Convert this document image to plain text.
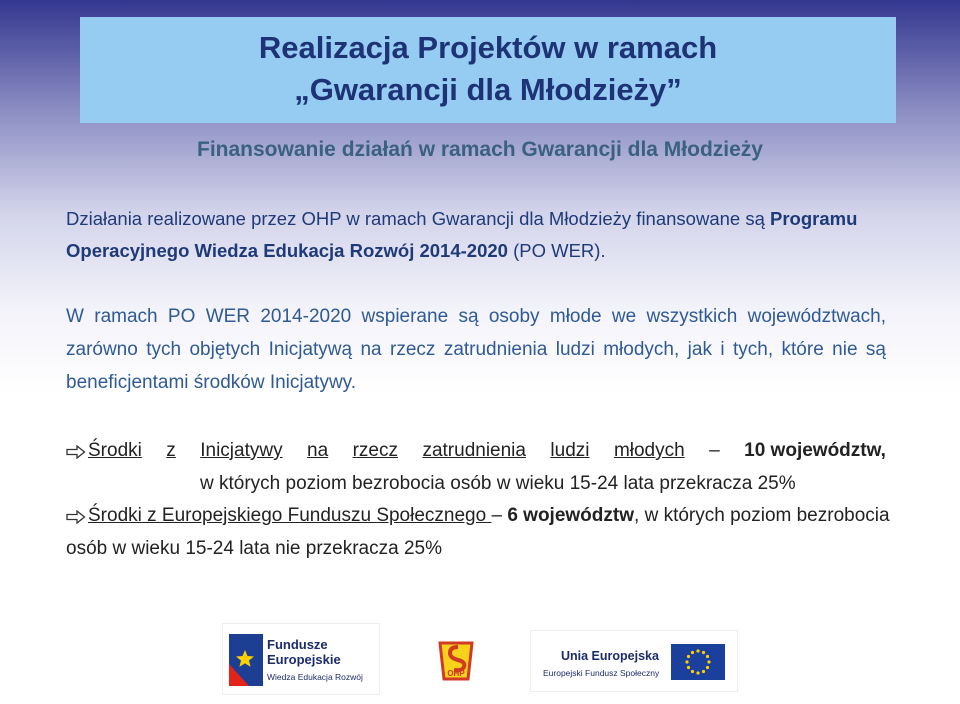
Realizacja Projektów w ramach
„Gwarancji dla Młodzieży”
Finansowanie działań w ramach Gwarancji dla Młodzieży
Działania realizowane przez OHP w ramach Gwarancji dla Młodzieży finansowane są Programu Operacyjnego Wiedza Edukacja Rozwój 2014-2020 (PO WER).
W ramach PO WER 2014-2020 wspierane są osoby młode we wszystkich województwach, zarówno tych objętych Inicjatywą na rzecz zatrudnienia ludzi młodych, jak i tych, które nie są beneficjentami środków Inicjatywy.
Środki z Inicjatywy na rzecz zatrudnienia ludzi młodych – 10 województw,
w których poziom bezrobocia osób w wieku 15-24 lata przekracza 25%
Środki z Europejskiego Funduszu Społecznego – 6 województw, w których poziom bezrobocia osób w wieku 15-24 lata nie przekracza 25%
Fundusze
Europejskie
Wiedza Edukacja Rozwój	OHP
Unia Europejska
Europejski Fundusz Społeczny
